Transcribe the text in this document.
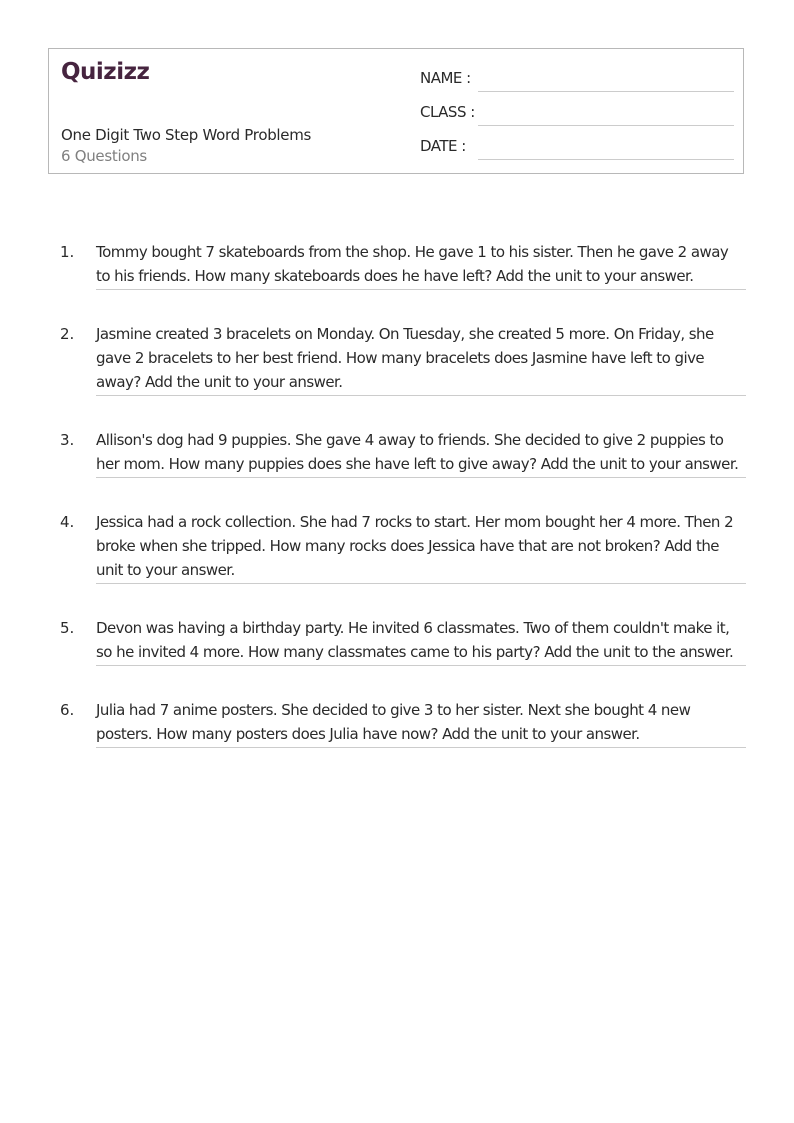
Quizizz
One Digit Two Step Word Problems
6 Questions
NAME :
CLASS :
DATE :
1. Tommy bought 7 skateboards from the shop. He gave 1 to his sister. Then he gave 2 away to his friends. How many skateboards does he have left? Add the unit to your answer.
2. Jasmine created 3 bracelets on Monday. On Tuesday, she created 5 more. On Friday, she gave 2 bracelets to her best friend. How many bracelets does Jasmine have left to give away? Add the unit to your answer.
3. Allison's dog had 9 puppies. She gave 4 away to friends. She decided to give 2 puppies to her mom. How many puppies does she have left to give away? Add the unit to your answer.
4. Jessica had a rock collection. She had 7 rocks to start. Her mom bought her 4 more. Then 2 broke when she tripped. How many rocks does Jessica have that are not broken? Add the unit to your answer.
5. Devon was having a birthday party. He invited 6 classmates. Two of them couldn't make it, so he invited 4 more. How many classmates came to his party? Add the unit to the answer.
6. Julia had 7 anime posters. She decided to give 3 to her sister. Next she bought 4 new posters. How many posters does Julia have now? Add the unit to your answer.
